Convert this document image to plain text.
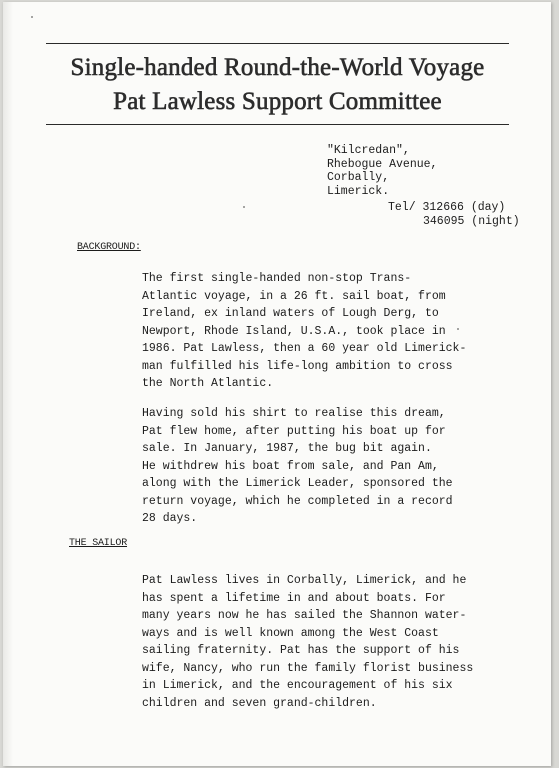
Single-handed Round-the-World Voyage
Pat Lawless Support Committee
"Kilcredan",
Rhebogue Avenue,
Corbally,
Limerick.
Tel/ 312666 (day)
346095 (night)
BACKGROUND:
The first single-handed non-stop Trans-
Atlantic voyage, in a 26 ft. sail boat, from
Ireland, ex inland waters of Lough Derg, to
Newport, Rhode Island, U.S.A., took place in
1986. Pat Lawless, then a 60 year old Limerick-
man fulfilled his life-long ambition to cross
the North Atlantic.
Having sold his shirt to realise this dream,
Pat flew home, after putting his boat up for
sale. In January, 1987, the bug bit again.
He withdrew his boat from sale, and Pan Am,
along with the Limerick Leader, sponsored the
return voyage, which he completed in a record
28 days.
THE SAILOR
Pat Lawless lives in Corbally, Limerick, and he
has spent a lifetime in and about boats. For
many years now he has sailed the Shannon water-
ways and is well known among the West Coast
sailing fraternity. Pat has the support of his
wife, Nancy, who run the family florist business
in Limerick, and the encouragement of his six
children and seven grand-children.
